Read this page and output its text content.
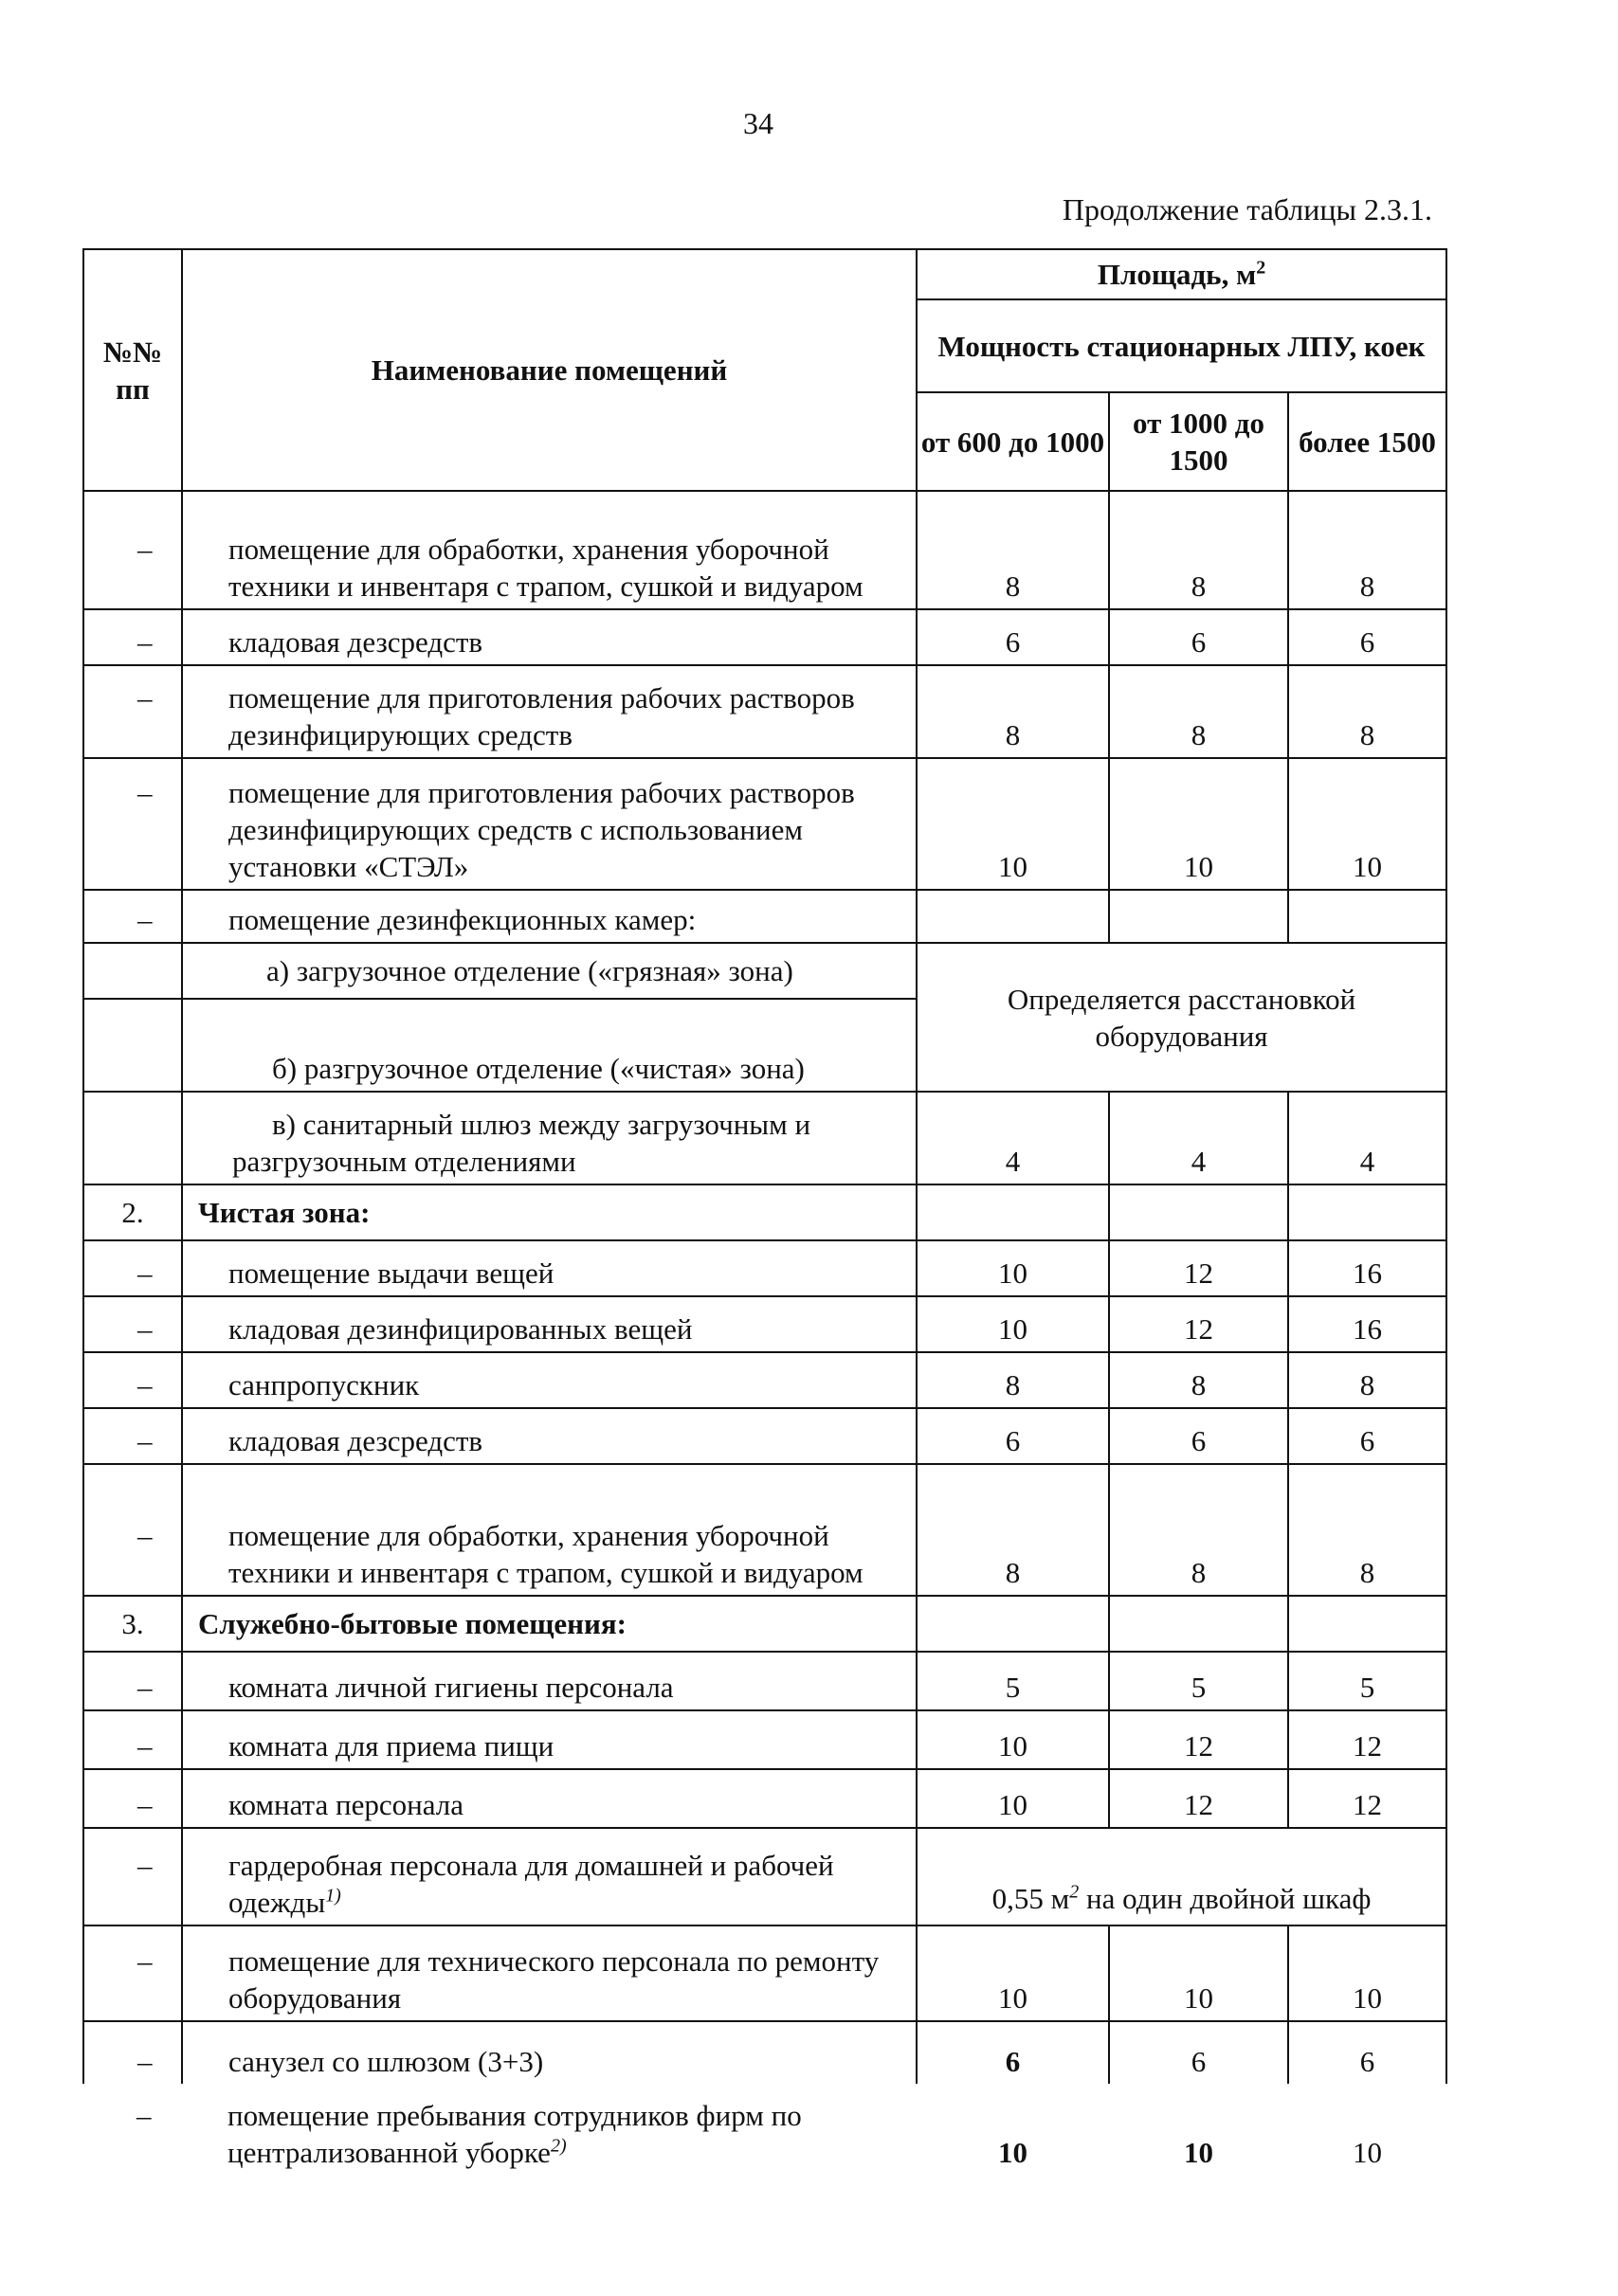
34
Продолжение таблицы 2.3.1.
№№ пп	Наименование помещений	Площадь, $м^2$
		Мощность стационарных ЛПУ, коек		
		от 600 до 1000	от 1000 до 1500	более 1500
	– помещение для обработки, хранения уборочной техники и инвентаря с трапом, сушкой и видуаром	8	8	8
	– кладовая дезсредств	6	6	6
	– помещение для приготовления рабочих растворов дезинфицирующих средств	8	8	8
	– помещение для приготовления рабочих растворов дезинфицирующих средств с использованием установки «СТЭЛ»	10	10	10
	– помещение дезинфекционных камер:			
	а) загрузочное отделение («грязная» зона)	Определяется расстановкой оборудования		
	б) разгрузочное отделение («чистая» зона)			
	в) санитарный шлюз между загрузочным и разгрузочным отделениями	4	4	4
2.	Чистая зона:			
	– помещение выдачи вещей	10	12	16
	– кладовая дезинфицированных вещей	10	12	16
	– санпропускник	8	8	8
	– кладовая дезсредств	6	6	6
	– помещение для обработки, хранения уборочной техники и инвентаря с трапом, сушкой и видуаром	8	8	8
3.	Служебно-бытовые помещения:			
	– комната личной гигиены персонала	5	5	5
	– комната для приема пищи	10	12	12
	– комната персонала	10	12	12
	– гардеробная персонала для домашней и рабочей одежды$^{1)}$	0,55 $м^2$ на один двойной шкаф		
	– помещение для технического персонала по ремонту оборудования	10	10	10
	– санузел со шлюзом (3+3)	6	6	6
	– помещение пребывания сотрудников фирм по централизованной уборке$^{2)}$	10	10	10
